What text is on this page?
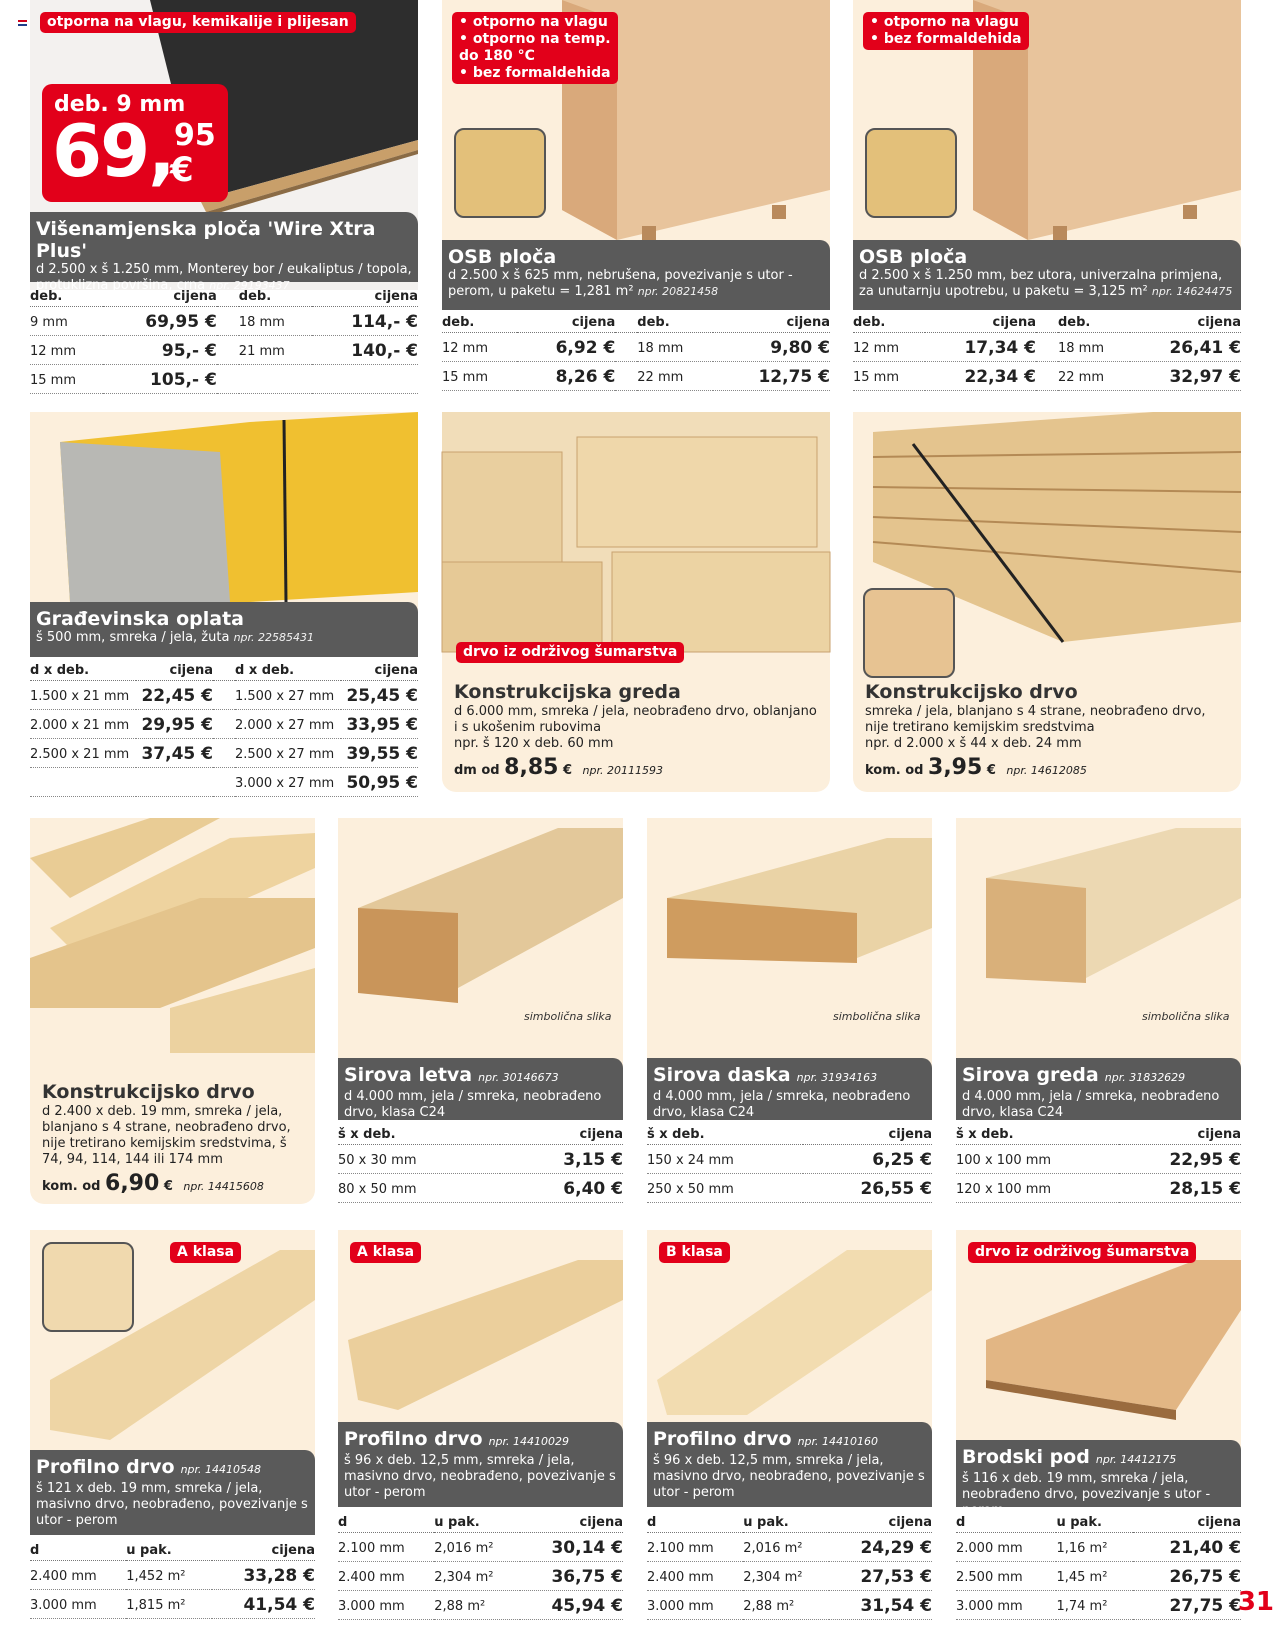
otporna na vlagu, kemikalije i plijesan
Višenamjenska ploča 'Wire Xtra Plus'
d 2.500 x š 1.250 mm, Monterey bor / eukaliptus / topola, protuklizna površina, crna npr. 29193437
deb. 9 mm
69, 95
€
deb.	cijena		deb.	cijena
9 mm	69,95 €		18 mm	114,- €
12 mm	95,- €		21 mm	140,- €
15 mm	105,- €			
• otporno na vlagu
• otporno na temp.
do 180 °C
• bez formaldehida
OSB ploča
d 2.500 x š 625 mm, nebrušena, povezivanje s utor - perom, u paketu = 1,281 m² npr. 20821458
deb.	cijena		deb.	cijena
12 mm	6,92 €		18 mm	9,80 €
15 mm	8,26 €		22 mm	12,75 €
• otporno na vlagu
• bez formaldehida
OSB ploča
d 2.500 x š 1.250 mm, bez utora, univerzalna primjena, za unutarnju upotrebu, u paketu = 3,125 m² npr. 14624475
deb.	cijena		deb.	cijena
12 mm	17,34 €		18 mm	26,41 €
15 mm	22,34 €		22 mm	32,97 €
Građevinska oplata
š 500 mm, smreka / jela, žuta npr. 22585431
d x deb.	cijena		d x deb.	cijena
1.500 x 21 mm	22,45 €		1.500 x 27 mm	25,45 €
2.000 x 21 mm	29,95 €		2.000 x 27 mm	33,95 €
2.500 x 21 mm	37,45 €		2.500 x 27 mm	39,55 €
			3.000 x 27 mm	50,95 €
drvo iz održivog šumarstva
Konstrukcijska greda
d 6.000 mm, smreka / jela, neobrađeno drvo, oblanjano i s ukošenim rubovima
npr. š 120 x deb. 60 mm
dm od 8,85 € npr. 20111593
Konstrukcijsko drvo
smreka / jela, blanjano s 4 strane, neobrađeno drvo, nije tretirano kemijskim sredstvima
npr. d 2.000 x š 44 x deb. 24 mm
kom. od 3,95 € npr. 14612085
Konstrukcijsko drvo
d 2.400 x deb. 19 mm, smreka / jela, blanjano s 4 strane, neobrađeno drvo, nije tretirano kemijskim sredstvima, š 74, 94, 114, 144 ili 174 mm
kom. od 6,90 € npr. 14415608
simbolična slika
Sirova letva npr. 30146673
d 4.000 mm, jela / smreka, neobrađeno drvo, klasa C24
š x deb.	cijena
50 x 30 mm	3,15 €
80 x 50 mm	6,40 €
simbolična slika
Sirova daska npr. 31934163
d 4.000 mm, jela / smreka, neobrađeno drvo, klasa C24
š x deb.	cijena
150 x 24 mm	6,25 €
250 x 50 mm	26,55 €
simbolična slika
Sirova greda npr. 31832629
d 4.000 mm, jela / smreka, neobrađeno drvo, klasa C24
š x deb.	cijena
100 x 100 mm	22,95 €
120 x 100 mm	28,15 €
A klasa
Profilno drvo npr. 14410548
š 121 x deb. 19 mm, smreka / jela, masivno drvo, neobrađeno, povezivanje s utor - perom
d	u pak.	cijena
2.400 mm	1,452 m²	33,28 €
3.000 mm	1,815 m²	41,54 €
A klasa
Profilno drvo npr. 14410029
š 96 x deb. 12,5 mm, smreka / jela, masivno drvo, neobrađeno, povezivanje s utor - perom
d	u pak.	cijena
2.100 mm	2,016 m²	30,14 €
2.400 mm	2,304 m²	36,75 €
3.000 mm	2,88 m²	45,94 €
B klasa
Profilno drvo npr. 14410160
š 96 x deb. 12,5 mm, smreka / jela, masivno drvo, neobrađeno, povezivanje s utor - perom
d	u pak.	cijena
2.100 mm	2,016 m²	24,29 €
2.400 mm	2,304 m²	27,53 €
3.000 mm	2,88 m²	31,54 €
drvo iz održivog šumarstva
Brodski pod npr. 14412175
š 116 x deb. 19 mm, smreka / jela, neobrađeno drvo, povezivanje s utor - perom
d	u pak.	cijena
2.000 mm	1,16 m²	21,40 €
2.500 mm	1,45 m²	26,75 €
3.000 mm	1,74 m²	27,75 €
31
